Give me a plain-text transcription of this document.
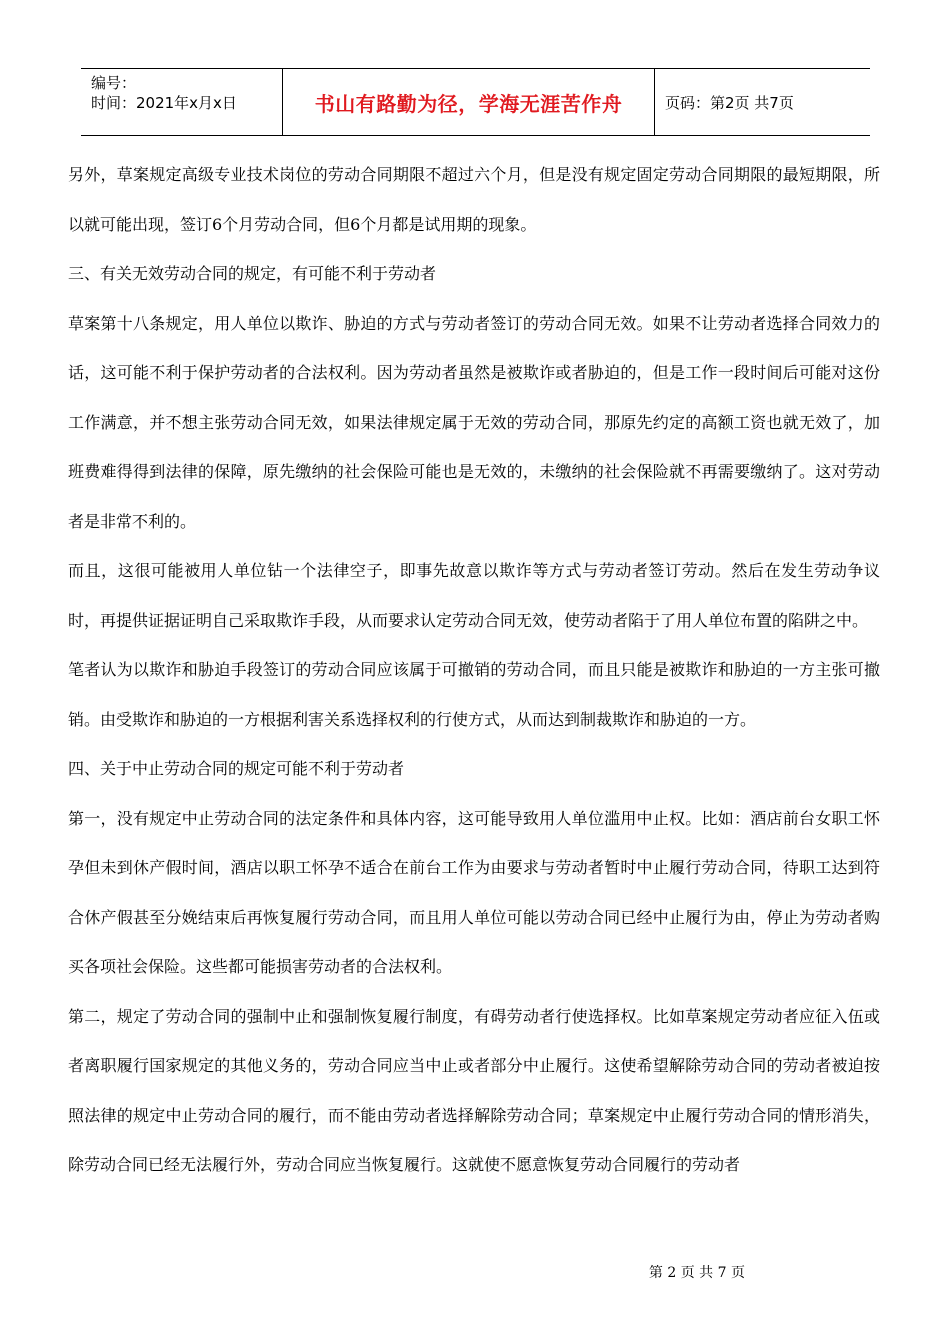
编号：
时间：2021年x月x日	书山有路勤为径，学海无涯苦作舟	页码：第2页 共7页

另外，草案规定高级专业技术岗位的劳动合同期限不超过六个月，但是没有规定固定劳动合同期限的最短期限，所以就可能出现，签订6个月劳动合同，但6个月都是试用期的现象。

三、有关无效劳动合同的规定，有可能不利于劳动者

草案第十八条规定，用人单位以欺诈、胁迫的方式与劳动者签订的劳动合同无效。如果不让劳动者选择合同效力的话，这可能不利于保护劳动者的合法权利。因为劳动者虽然是被欺诈或者胁迫的，但是工作一段时间后可能对这份工作满意，并不想主张劳动合同无效，如果法律规定属于无效的劳动合同，那原先约定的高额工资也就无效了，加班费难得得到法律的保障，原先缴纳的社会保险可能也是无效的，未缴纳的社会保险就不再需要缴纳了。这对劳动者是非常不利的。

而且，这很可能被用人单位钻一个法律空子，即事先故意以欺诈等方式与劳动者签订劳动。然后在发生劳动争议时，再提供证据证明自己采取欺诈手段，从而要求认定劳动合同无效，使劳动者陷于了用人单位布置的陷阱之中。

笔者认为以欺诈和胁迫手段签订的劳动合同应该属于可撤销的劳动合同，而且只能是被欺诈和胁迫的一方主张可撤销。由受欺诈和胁迫的一方根据利害关系选择权利的行使方式，从而达到制裁欺诈和胁迫的一方。

四、关于中止劳动合同的规定可能不利于劳动者

第一，没有规定中止劳动合同的法定条件和具体内容，这可能导致用人单位滥用中止权。比如：酒店前台女职工怀孕但未到休产假时间，酒店以职工怀孕不适合在前台工作为由要求与劳动者暂时中止履行劳动合同，待职工达到符合休产假甚至分娩结束后再恢复履行劳动合同，而且用人单位可能以劳动合同已经中止履行为由，停止为劳动者购买各项社会保险。这些都可能损害劳动者的合法权利。

第二，规定了劳动合同的强制中止和强制恢复履行制度，有碍劳动者行使选择权。比如草案规定劳动者应征入伍或者离职履行国家规定的其他义务的，劳动合同应当中止或者部分中止履行。这使希望解除劳动合同的劳动者被迫按照法律的规定中止劳动合同的履行，而不能由劳动者选择解除劳动合同；草案规定中止履行劳动合同的情形消失，除劳动合同已经无法履行外，劳动合同应当恢复履行。这就使不愿意恢复劳动合同履行的劳动者

第 2 页 共 7 页
